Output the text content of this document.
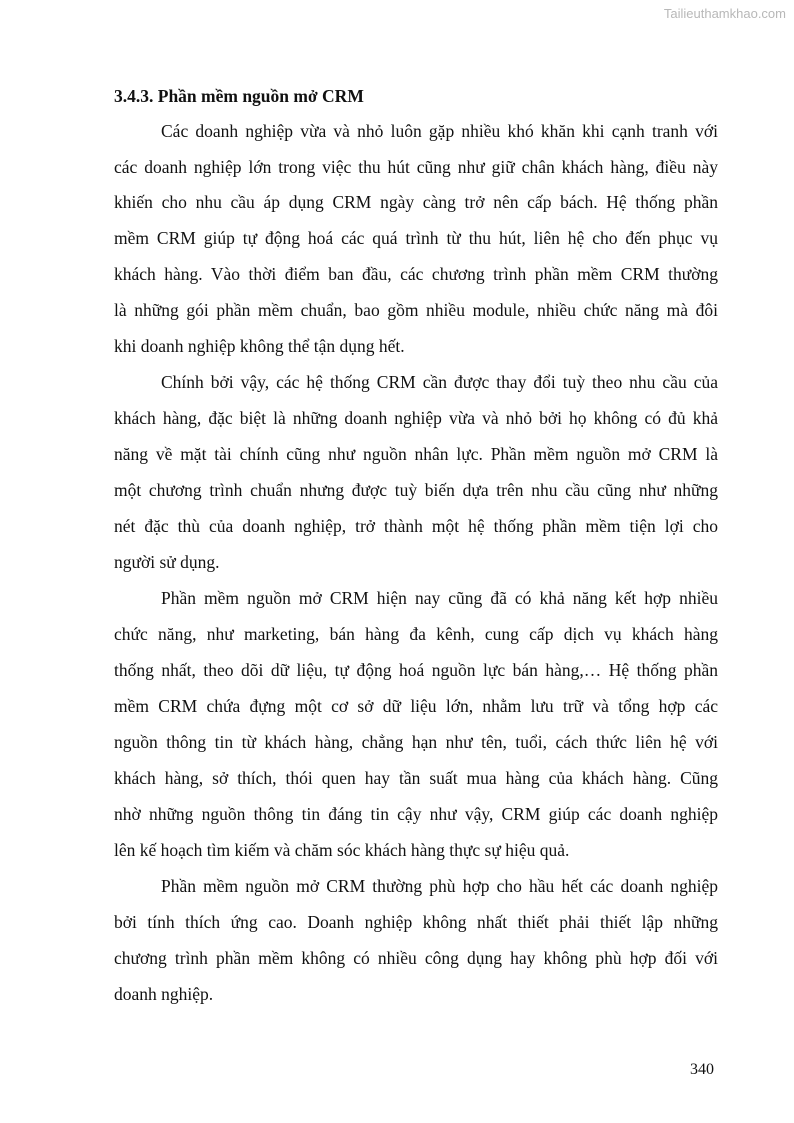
Tailieuthamkhao.com
3.4.3. Phần mềm nguồn mở CRM
Các doanh nghiệp vừa và nhỏ luôn gặp nhiều khó khăn khi cạnh tranh với
các doanh nghiệp lớn trong việc thu hút cũng như giữ chân khách hàng, điều này
khiến cho nhu cầu áp dụng CRM ngày càng trở nên cấp bách. Hệ thống phần
mềm CRM giúp tự động hoá các quá trình từ thu hút, liên hệ cho đến phục vụ
khách hàng. Vào thời điểm ban đầu, các chương trình phần mềm CRM thường
là những gói phần mềm chuẩn, bao gồm nhiều module, nhiều chức năng mà đôi
khi doanh nghiệp không thể tận dụng hết.
Chính bởi vậy, các hệ thống CRM cần được thay đổi tuỳ theo nhu cầu của
khách hàng, đặc biệt là những doanh nghiệp vừa và nhỏ bởi họ không có đủ khả
năng về mặt tài chính cũng như nguồn nhân lực. Phần mềm nguồn mở CRM là
một chương trình chuẩn nhưng được tuỳ biến dựa trên nhu cầu cũng như những
nét đặc thù của doanh nghiệp, trở thành một hệ thống phần mềm tiện lợi cho
người sử dụng.
Phần mềm nguồn mở CRM hiện nay cũng đã có khả năng kết hợp nhiều
chức năng, như marketing, bán hàng đa kênh, cung cấp dịch vụ khách hàng
thống nhất, theo dõi dữ liệu, tự động hoá nguồn lực bán hàng,… Hệ thống phần
mềm CRM chứa đựng một cơ sở dữ liệu lớn, nhằm lưu trữ và tổng hợp các
nguồn thông tin từ khách hàng, chẳng hạn như tên, tuổi, cách thức liên hệ với
khách hàng, sở thích, thói quen hay tần suất mua hàng của khách hàng. Cũng
nhờ những nguồn thông tin đáng tin cậy như vậy, CRM giúp các doanh nghiệp
lên kế hoạch tìm kiếm và chăm sóc khách hàng thực sự hiệu quả.
Phần mềm nguồn mở CRM thường phù hợp cho hầu hết các doanh nghiệp
bởi tính thích ứng cao. Doanh nghiệp không nhất thiết phải thiết lập những
chương trình phần mềm không có nhiều công dụng hay không phù hợp đối với
doanh nghiệp.
340
